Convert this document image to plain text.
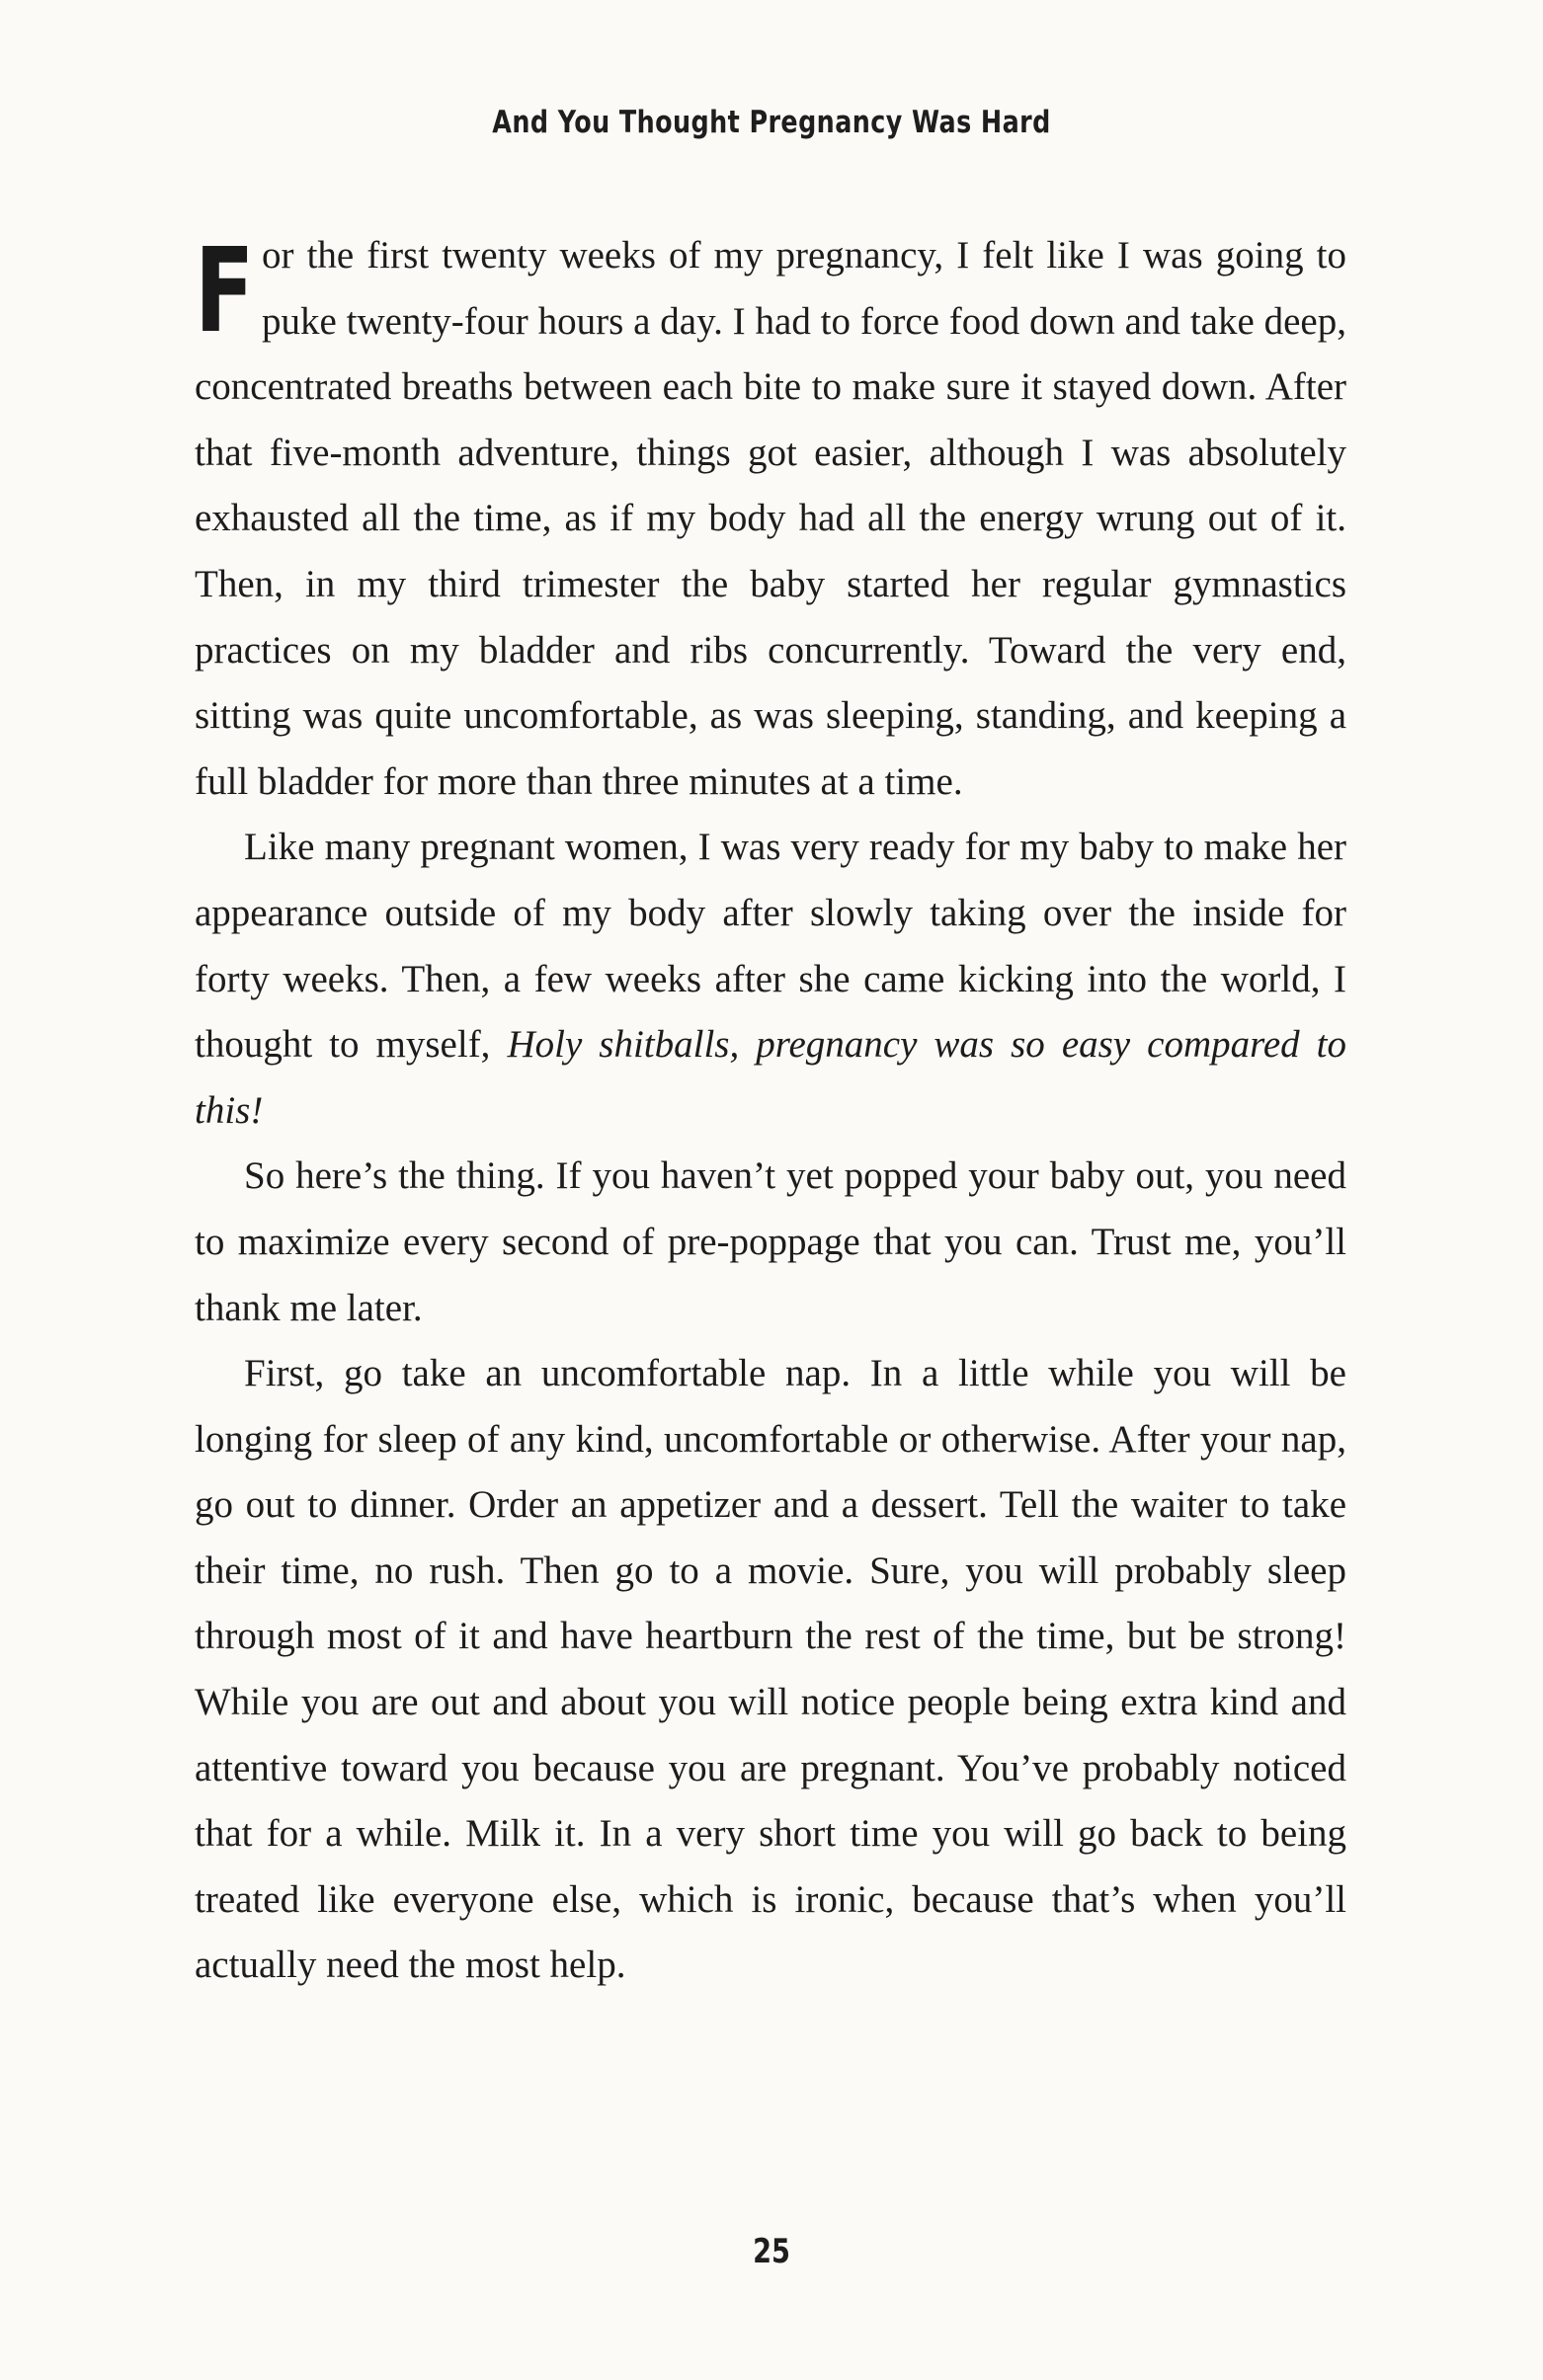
And You Thought Pregnancy Was Hard

For the first twenty weeks of my pregnancy, I felt like I was going to puke twenty-four hours a day. I had to force food down and take deep, concentrated breaths between each bite to make sure it stayed down. After that five-month adventure, things got easier, although I was absolutely exhausted all the time, as if my body had all the energy wrung out of it. Then, in my third trimester the baby started her regular gymnastics practices on my bladder and ribs concurrently. Toward the very end, sitting was quite uncomfortable, as was sleeping, standing, and keeping a full bladder for more than three minutes at a time.

Like many pregnant women, I was very ready for my baby to make her appearance outside of my body after slowly taking over the inside for forty weeks. Then, a few weeks after she came kicking into the world, I thought to myself, Holy shitballs, pregnancy was so easy compared to this!

So here’s the thing. If you haven’t yet popped your baby out, you need to maximize every second of pre-poppage that you can. Trust me, you’ll thank me later.

First, go take an uncomfortable nap. In a little while you will be longing for sleep of any kind, uncomfortable or otherwise. After your nap, go out to dinner. Order an appetizer and a dessert. Tell the waiter to take their time, no rush. Then go to a movie. Sure, you will probably sleep through most of it and have heartburn the rest of the time, but be strong! While you are out and about you will notice people being extra kind and attentive toward you because you are pregnant. You’ve probably noticed that for a while. Milk it. In a very short time you will go back to being treated like everyone else, which is ironic, because that’s when you’ll actually need the most help.

25
